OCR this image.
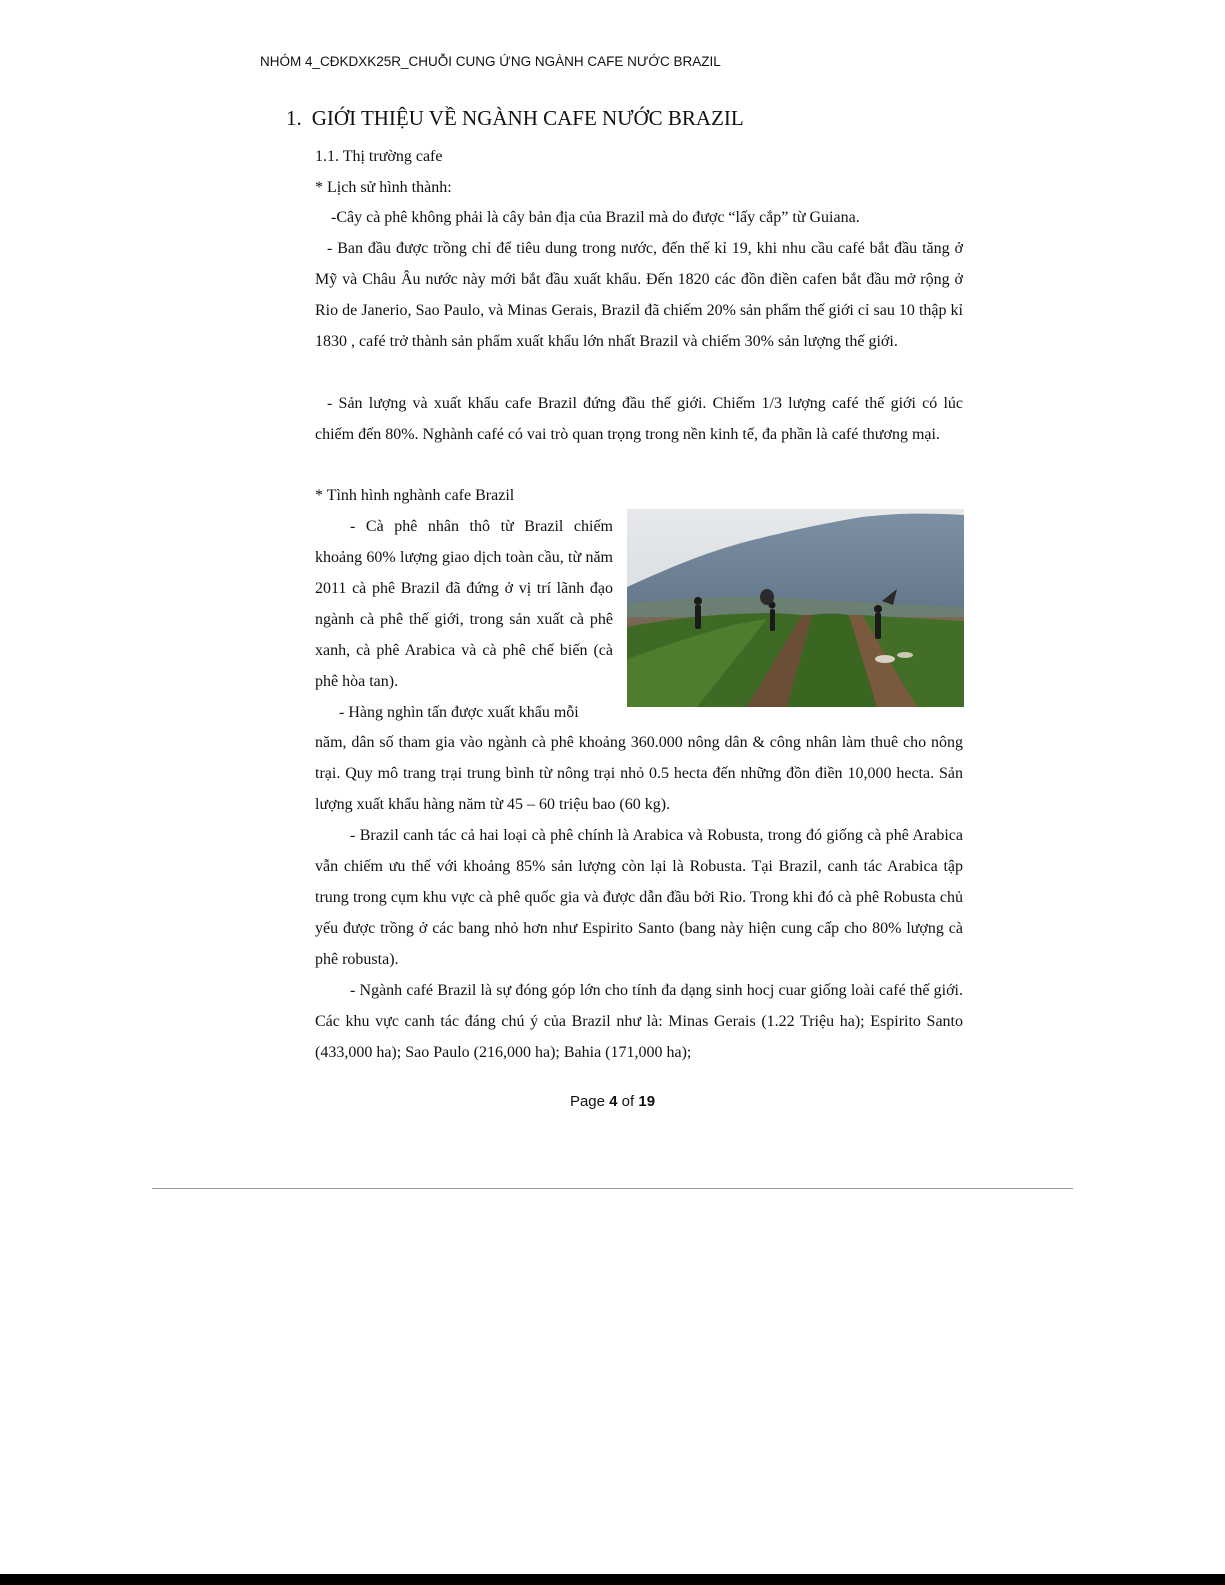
NHÓM 4_CĐKDXK25R_CHUỖI CUNG ỨNG NGÀNH CAFE NƯỚC BRAZIL
1. GIỚI THIỆU VỀ NGÀNH CAFE NƯỚC BRAZIL
1.1. Thị trường cafe
* Lịch sử hình thành:
-Cây cà phê không phải là cây bản địa của Brazil mà do được “lấy cắp” từ Guiana.

- Ban đầu được trồng chỉ để tiêu dung trong nước, đến thế kỉ 19, khi nhu cầu café bắt đầu tăng ở Mỹ và Châu Âu nước này mới bắt đầu xuất khẩu. Đến 1820 các đồn điền cafen bắt đầu mở rộng ở Rio de Janerio, Sao Paulo, và Minas Gerais, Brazil đã chiếm 20% sản phẩm thế giới cỉ sau 10 thập kỉ 1830 , café trở thành sản phẩm xuất khẩu lớn nhất Brazil và chiếm 30% sản lượng thế giới.

- Sản lượng và xuất khẩu cafe Brazil đứng đầu thế giới. Chiếm 1/3 lượng café thế giới có lúc chiếm đến 80%. Nghành café có vai trò quan trọng trong nền kinh tế, đa phần là café thương mại.

* Tình hình nghành cafe Brazil

- Cà phê nhân thô từ Brazil chiếm khoảng 60% lượng giao dịch toàn cầu, từ năm 2011 cà phê Brazil đã đứng ở vị trí lãnh đạo ngành cà phê thế giới, trong sản xuất cà phê xanh, cà phê Arabica và cà phê chế biến (cà phê hòa tan).

- Hàng nghìn tấn được xuất khẩu mỗi

năm, dân số tham gia vào ngành cà phê khoảng 360.000 nông dân & công nhân làm thuê cho nông trại. Quy mô trang trại trung bình từ nông trại nhỏ 0.5 hecta đến những đồn điền 10,000 hecta. Sản lượng xuất khẩu hàng năm từ 45 – 60 triệu bao (60 kg).

- Brazil canh tác cả hai loại cà phê chính là Arabica và Robusta, trong đó giống cà phê Arabica vẫn chiếm ưu thế với khoảng 85% sản lượng còn lại là Robusta. Tại Brazil, canh tác Arabica tập trung trong cụm khu vực cà phê quốc gia và được dẫn đầu bởi Rio. Trong khi đó cà phê Robusta chủ yếu được trồng ở các bang nhỏ hơn như Espirito Santo (bang này hiện cung cấp cho 80% lượng cà phê robusta).

- Ngành café Brazil là sự đóng góp lớn cho tính đa dạng sinh hocj cuar giống loài café thế giới. Các khu vực canh tác đáng chú ý của Brazil như là: Minas Gerais (1.22 Triệu ha); Espirito Santo (433,000 ha); Sao Paulo (216,000 ha); Bahia (171,000 ha);

Page 4 of 19
